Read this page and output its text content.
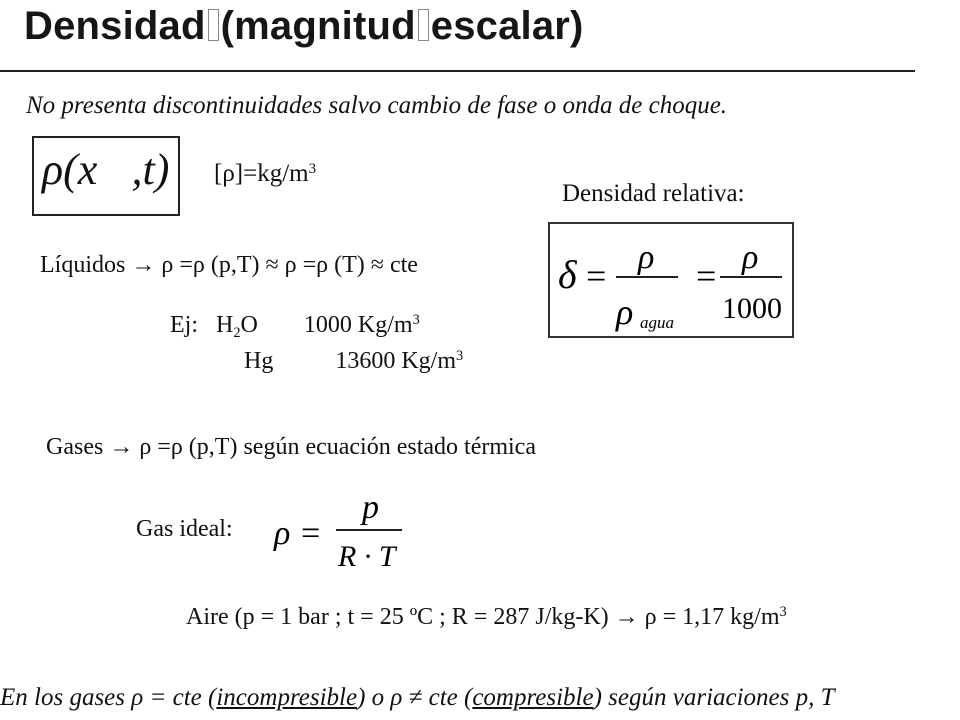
Densidad (magnitud escalar)
No presenta discontinuidades salvo cambio de fase o onda de choque.
ρ(x⃗,t) $[\rho]=kg/m^3$
Densidad relativa:
δ = ρ
ρ agua
= ρ
1000
Líquidos → ρ =ρ (p,T) ≈ ρ =ρ (T) ≈ cte
Ej: $H_2O$ 1000 $Kg/m^3$
Hg	13600 $Kg/m^3$
Gases → ρ =ρ (p,T) según ecuación estado térmica
Gas ideal: ρ =
p
R · T
Aire (p = 1 bar ; t = 25 ºC ; R = 287 J/kg-K) → ρ = 1,17 $kg/m^3$
En los gases ρ = cte (incompresible) o ρ ≠ cte (compresible) según variaciones p, T
